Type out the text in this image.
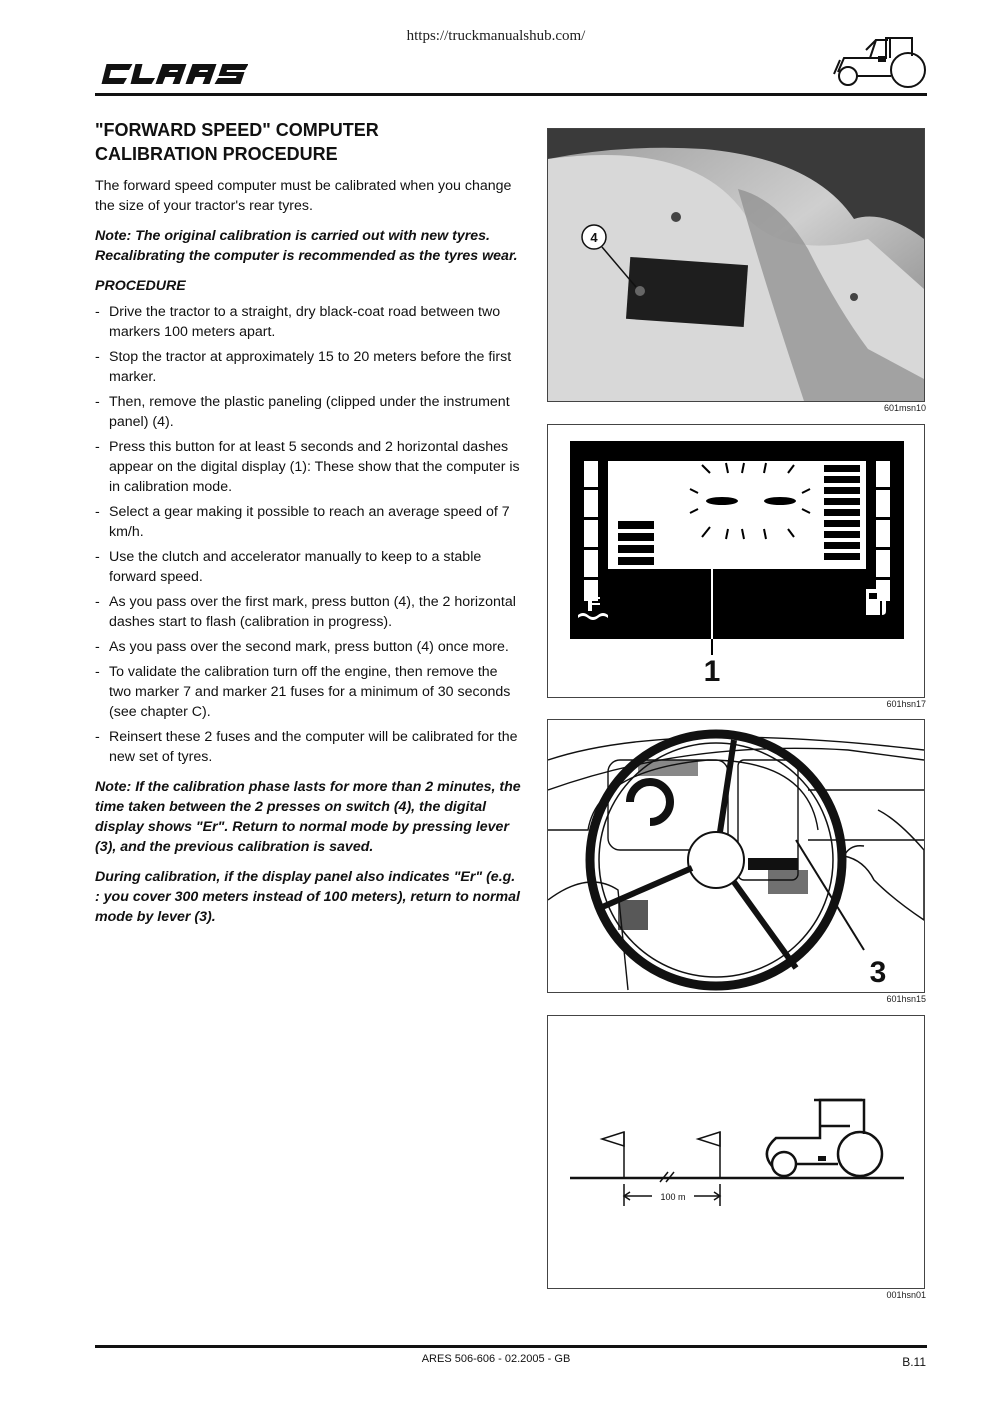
https://truckmanualshub.com/
"FORWARD SPEED" COMPUTER
CALIBRATION PROCEDURE

The forward speed computer must be calibrated when you change the size of your tractor's rear tyres.

Note: The original calibration is carried out with new tyres. Recalibrating the computer is recommended as the tyres wear.

PROCEDURE

- Drive the tractor to a straight, dry black-coat road between two markers 100 meters apart.
- Stop the tractor at approximately 15 to 20 meters before the first marker.
- Then, remove the plastic paneling (clipped under the instrument panel) (4).
- Press this button for at least 5 seconds and 2 horizontal dashes appear on the digital display (1): These show that the computer is in calibration mode.
- Select a gear making it possible to reach an average speed of 7 km/h.
- Use the clutch and accelerator manually to keep to a stable forward speed.
- As you pass over the first mark, press button (4), the 2 horizontal dashes start to flash (calibration in progress).
- As you pass over the second mark, press button (4) once more.
- To validate the calibration turn off the engine, then remove the two marker 7 and marker 21 fuses for a minimum of 30 seconds (see chapter C).
- Reinsert these 2 fuses and the computer will be calibrated for the new set of tyres.

Note: If the calibration phase lasts for more than 2 minutes, the time taken between the 2 presses on switch (4), the digital display shows "Er". Return to normal mode by pressing lever (3), and the previous calibration is saved.

During calibration, if the display panel also indicates "Er" (e.g. : you cover 300 meters instead of 100 meters), return to normal mode by lever (3).

4
601msn10
1
601hsn17
3
601hsn15
100 m
001hsn01
ARES 506-606 - 02.2005 - GB	B.11
